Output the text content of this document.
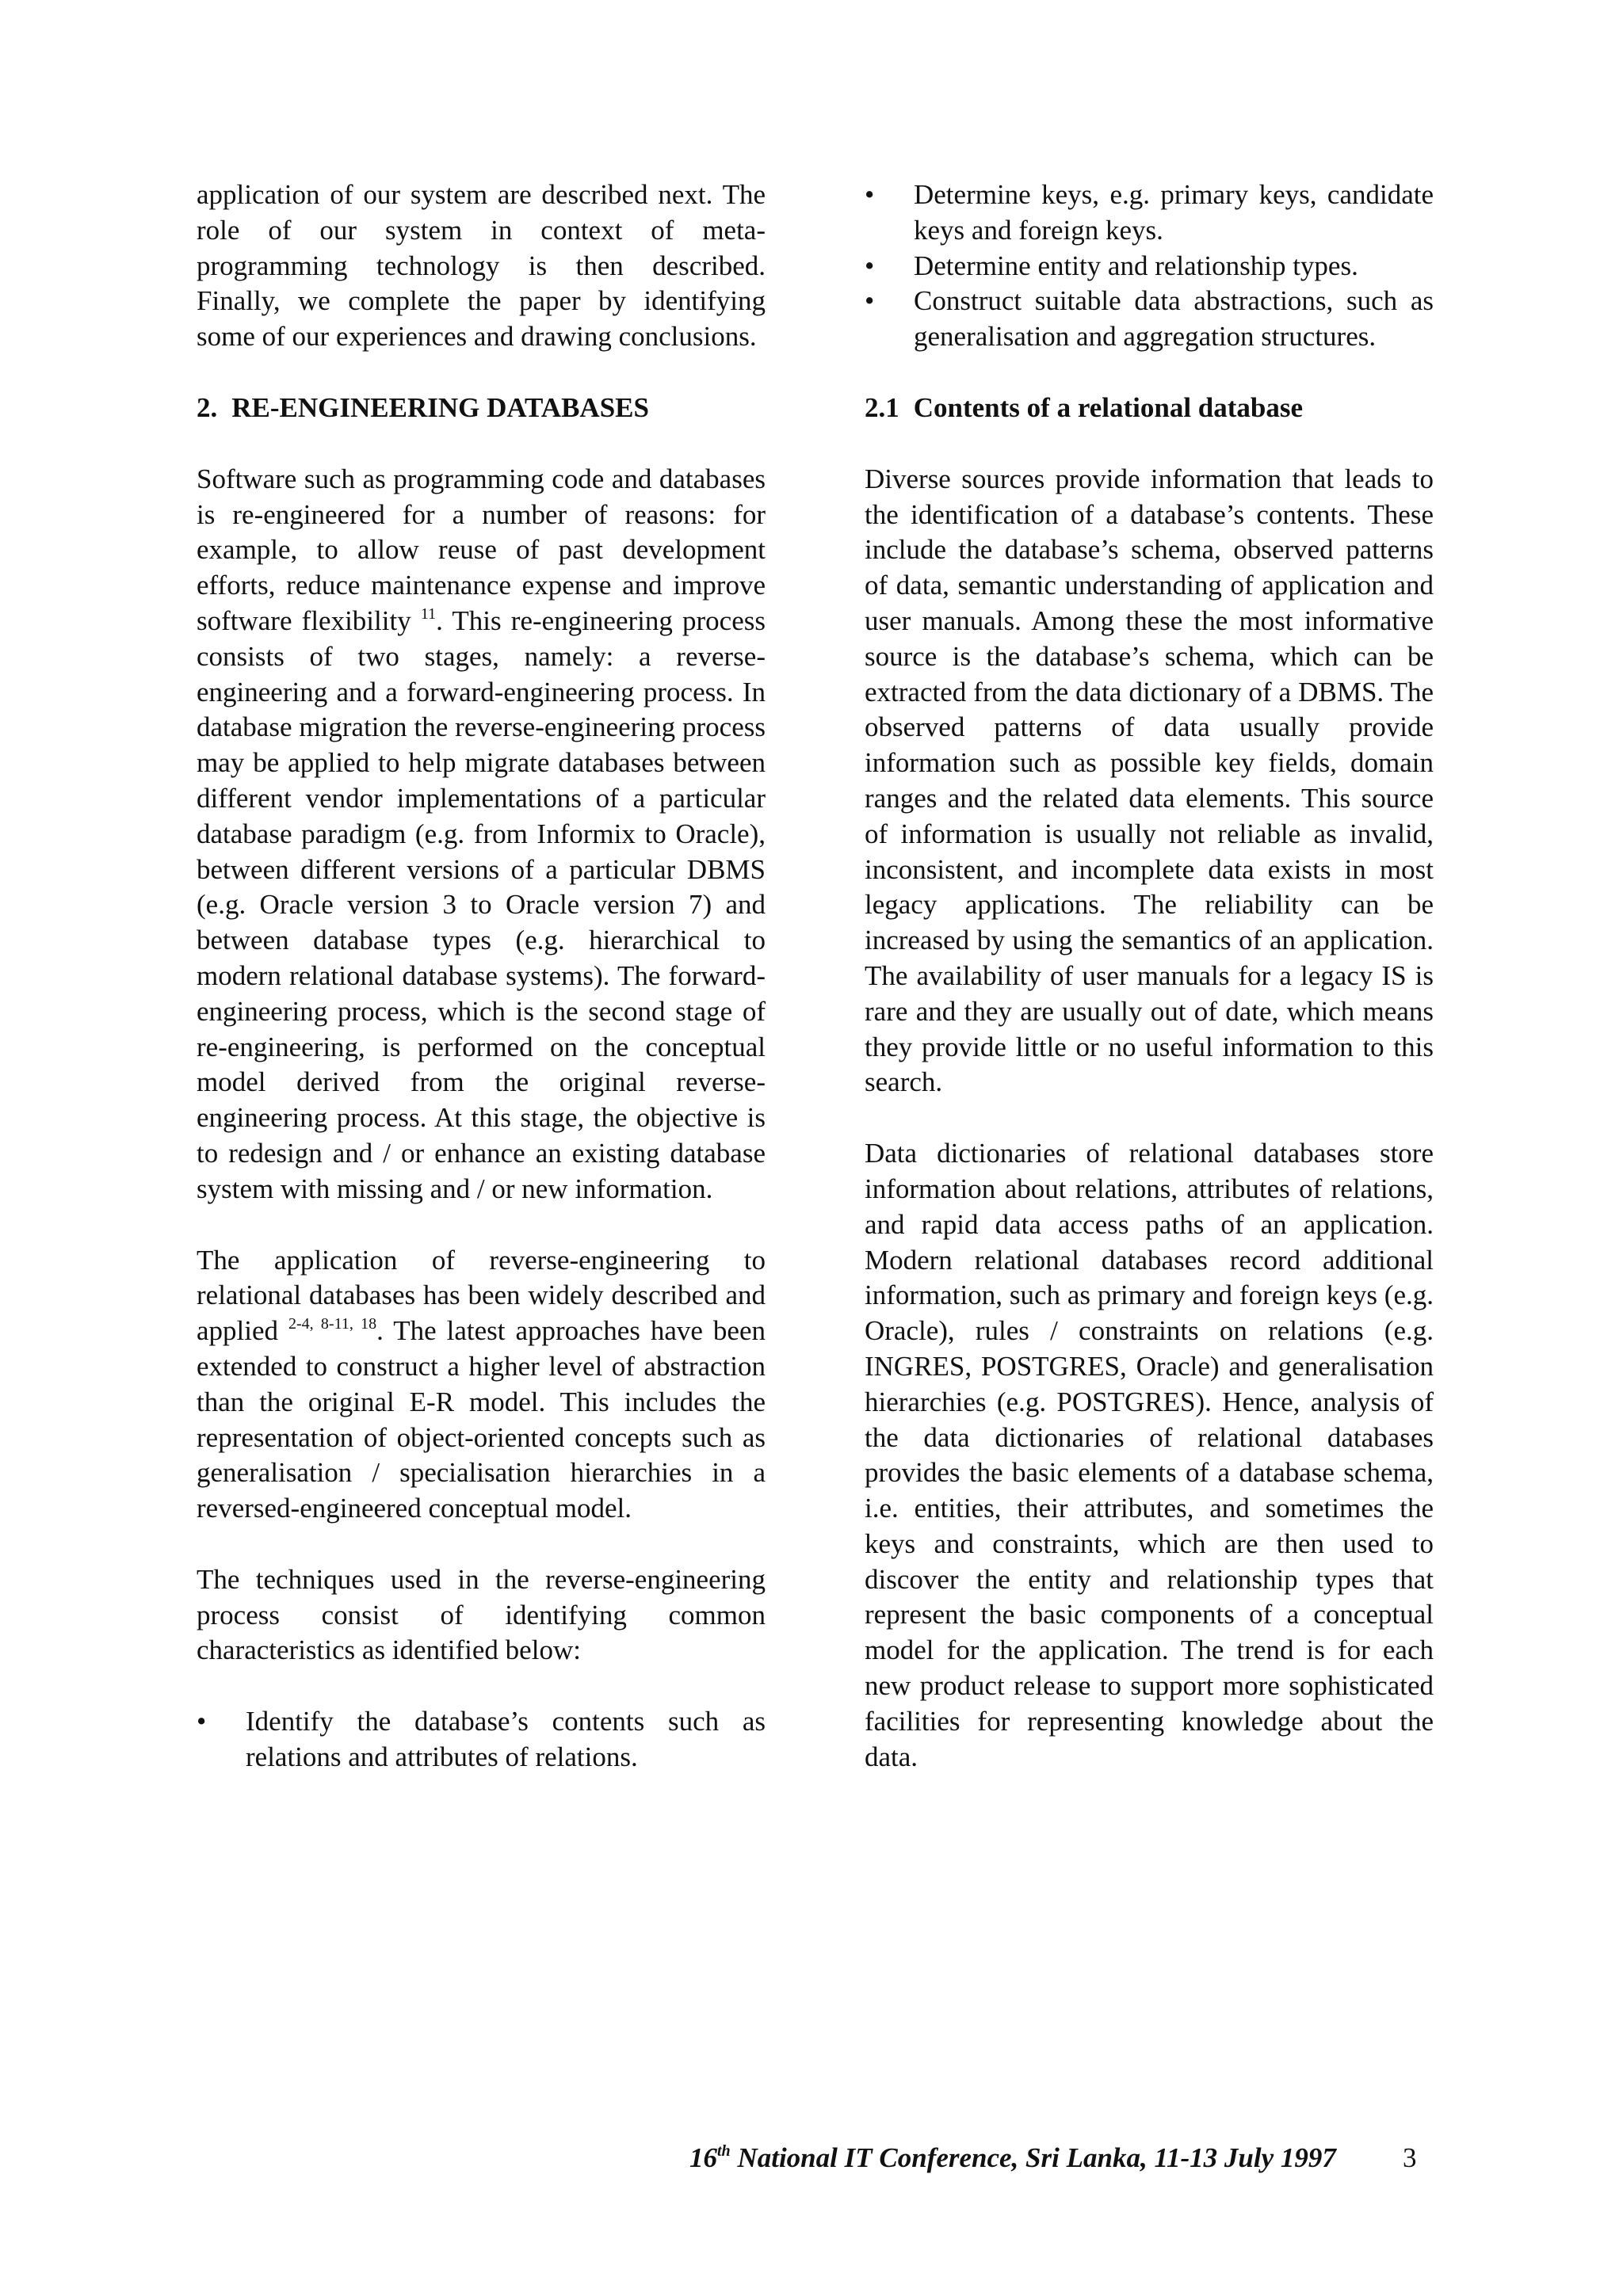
application of our system are described next. The role of our system in context of meta-programming technology is then described. Finally, we complete the paper by identifying some of our experiences and drawing conclusions.

2. RE-ENGINEERING DATABASES

Software such as programming code and databases is re-engineered for a number of reasons: for example, to allow reuse of past development efforts, reduce maintenance expense and improve software flexibility $^{11}$. This re-engineering process consists of two stages, namely: a reverse-engineering and a forward-engineering process. In database migration the reverse-engineering process may be applied to help migrate databases between different vendor implementations of a particular database paradigm (e.g. from Informix to Oracle), between different versions of a particular DBMS (e.g. Oracle version 3 to Oracle version 7) and between database types (e.g. hierarchical to modern relational database systems). The forward-engineering process, which is the second stage of re-engineering, is performed on the conceptual model derived from the original reverse-engineering process. At this stage, the objective is to redesign and / or enhance an existing database system with missing and / or new information.

The application of reverse-engineering to relational databases has been widely described and applied $^{2-4, 8-11, 18}$. The latest approaches have been extended to construct a higher level of abstraction than the original E-R model. This includes the representation of object-oriented concepts such as generalisation / specialisation hierarchies in a reversed-engineered conceptual model.

The techniques used in the reverse-engineering process consist of identifying common characteristics as identified below:

• Identify the database’s contents such as relations and attributes of relations.
• Determine keys, e.g. primary keys, candidate keys and foreign keys.
• Determine entity and relationship types.
• Construct suitable data abstractions, such as generalisation and aggregation structures.
2.1 Contents of a relational database

Diverse sources provide information that leads to the identification of a database’s contents. These include the database’s schema, observed patterns of data, semantic understanding of application and user manuals. Among these the most informative source is the database’s schema, which can be extracted from the data dictionary of a DBMS. The observed patterns of data usually provide information such as possible key fields, domain ranges and the related data elements. This source of information is usually not reliable as invalid, inconsistent, and incomplete data exists in most legacy applications. The reliability can be increased by using the semantics of an application. The availability of user manuals for a legacy IS is rare and they are usually out of date, which means they provide little or no useful information to this search.

Data dictionaries of relational databases store information about relations, attributes of relations, and rapid data access paths of an application. Modern relational databases record additional information, such as primary and foreign keys (e.g. Oracle), rules / constraints on relations (e.g. INGRES, POSTGRES, Oracle) and generalisation hierarchies (e.g. POSTGRES). Hence, analysis of the data dictionaries of relational databases provides the basic elements of a database schema, i.e. entities, their attributes, and sometimes the keys and constraints, which are then used to discover the entity and relationship types that represent the basic components of a conceptual model for the application. The trend is for each new product release to support more sophisticated facilities for representing knowledge about the data.

16th National IT Conference, Sri Lanka, 11-13 July 1997 3
